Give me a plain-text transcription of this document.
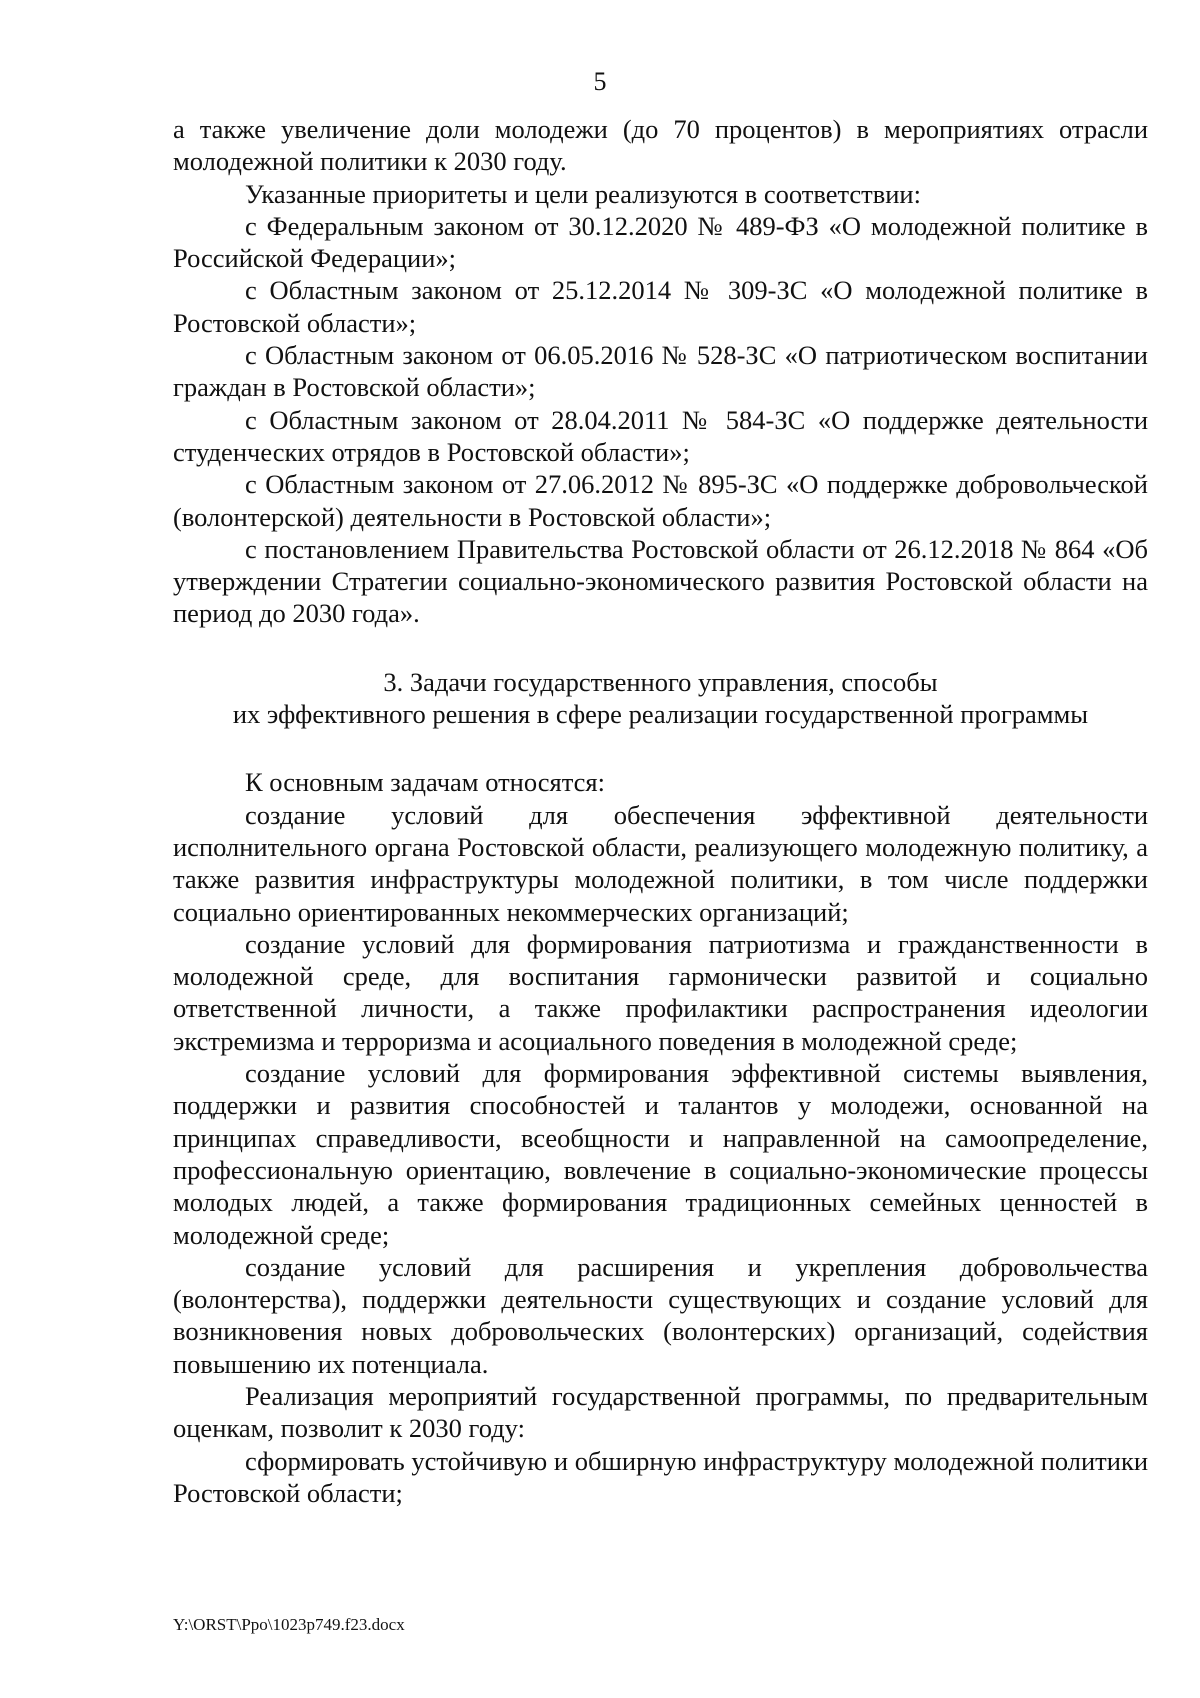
5

а также увеличение доли молодежи (до 70 процентов) в мероприятиях отрасли молодежной политики к 2030 году.

Указанные приоритеты и цели реализуются в соответствии:

с Федеральным законом от 30.12.2020 № 489-ФЗ «О молодежной политике в Российской Федерации»;

с Областным законом от 25.12.2014 № 309-ЗС «О молодежной политике в Ростовской области»;

с Областным законом от 06.05.2016 № 528-ЗС «О патриотическом воспитании граждан в Ростовской области»;

с Областным законом от 28.04.2011 № 584-ЗС «О поддержке деятельности студенческих отрядов в Ростовской области»;

с Областным законом от 27.06.2012 № 895-ЗС «О поддержке добровольческой (волонтерской) деятельности в Ростовской области»;

с постановлением Правительства Ростовской области от 26.12.2018 № 864 «Об утверждении Стратегии социально-экономического развития Ростовской области на период до 2030 года».

3. Задачи государственного управления, способы

их эффективного решения в сфере реализации государственной программы

К основным задачам относятся:

создание условий для обеспечения эффективной деятельности исполнительного органа Ростовской области, реализующего молодежную политику, а также развития инфраструктуры молодежной политики, в том числе поддержки социально ориентированных некоммерческих организаций;

создание условий для формирования патриотизма и гражданственности в молодежной среде, для воспитания гармонически развитой и социально ответственной личности, а также профилактики распространения идеологии экстремизма и терроризма и асоциального поведения в молодежной среде;

создание условий для формирования эффективной системы выявления, поддержки и развития способностей и талантов у молодежи, основанной на принципах справедливости, всеобщности и направленной на самоопределение, профессиональную ориентацию, вовлечение в социально-экономические процессы молодых людей, а также формирования традиционных семейных ценностей в молодежной среде;

создание условий для расширения и укрепления добровольчества (волонтерства), поддержки деятельности существующих и создание условий для возникновения новых добровольческих (волонтерских) организаций, содействия повышению их потенциала.

Реализация мероприятий государственной программы, по предварительным оценкам, позволит к 2030 году:

сформировать устойчивую и обширную инфраструктуру молодежной политики Ростовской области;

Y:\ORST\Ppo\1023p749.f23.docx
